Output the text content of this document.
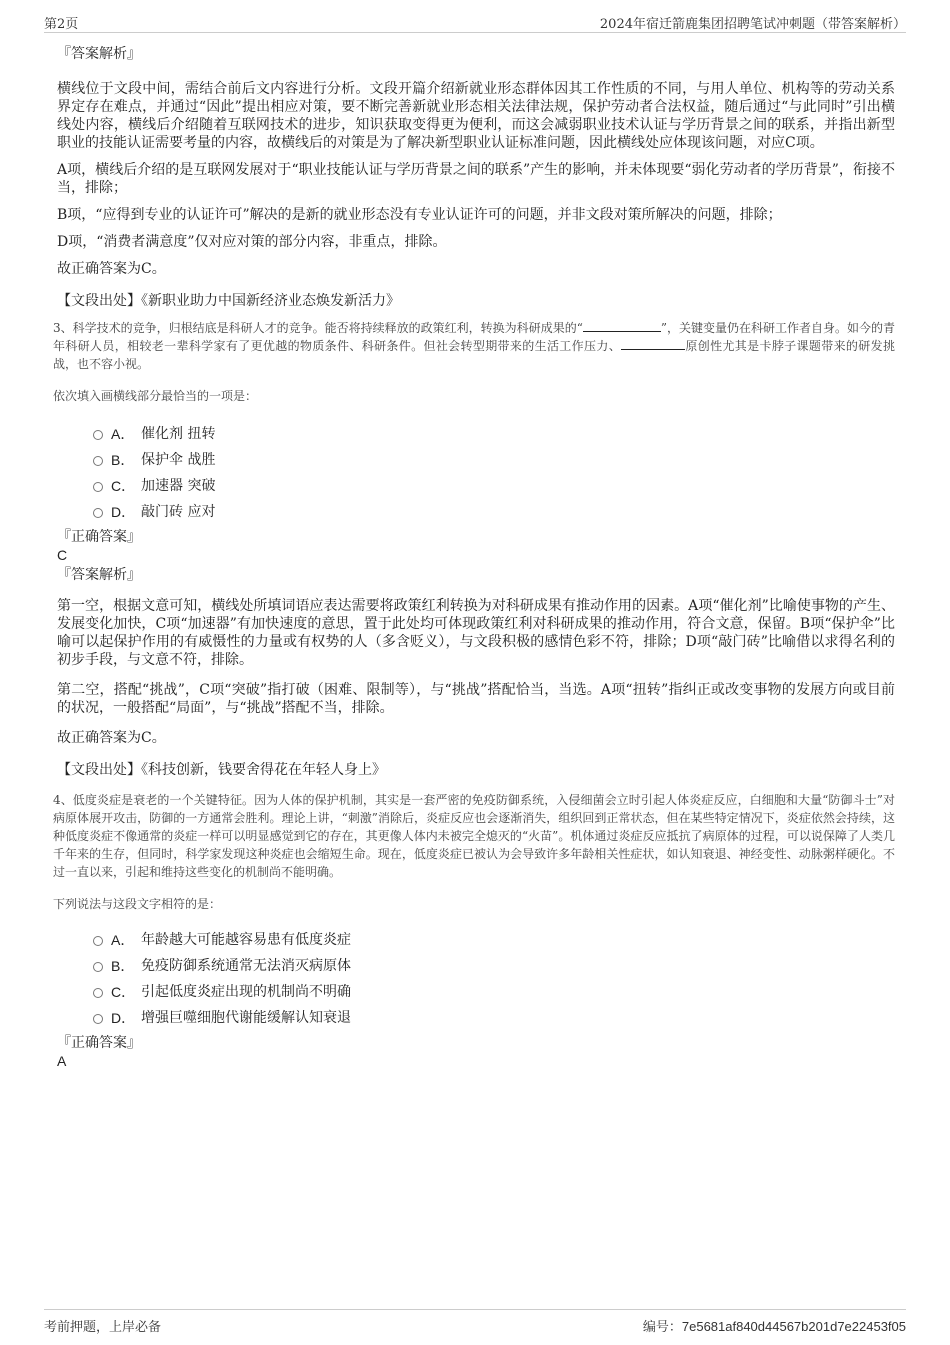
第2页	2024年宿迁箭鹿集团招聘笔试冲刺题（带答案解析）

『答案解析』

横线位于文段中间，需结合前后文内容进行分析。文段开篇介绍新就业形态群体因其工作性质的不同，与用人单位、机构等的劳动关系界定存在难点，并通过“因此”提出相应对策，要不断完善新就业形态相关法律法规，保护劳动者合法权益，随后通过“与此同时”引出横线处内容，横线后介绍随着互联网技术的进步，知识获取变得更为便利，而这会减弱职业技术认证与学历背景之间的联系，并指出新型职业的技能认证需要考量的内容，故横线后的对策是为了解决新型职业认证标准问题，因此横线处应体现该问题，对应C项。

A项，横线后介绍的是互联网发展对于“职业技能认证与学历背景之间的联系”产生的影响，并未体现要“弱化劳动者的学历背景”，衔接不当，排除；

B项，“应得到专业的认证许可”解决的是新的就业形态没有专业认证许可的问题，并非文段对策所解决的问题，排除；

D项，“消费者满意度”仅对应对策的部分内容，非重点，排除。

故正确答案为C。

【文段出处】《新职业助力中国新经济业态焕发新活力》

3、科学技术的竞争，归根结底是科研人才的竞争。能否将持续释放的政策红利，转换为科研成果的“	”，关键变量仍在科研工作者自身。如今的青年科研人员，相较老一辈科学家有了更优越的物质条件、科研条件。但社会转型期带来的生活工作压力、	原创性尤其是卡脖子课题带来的研发挑战，也不容小视。

依次填入画横线部分最恰当的一项是：

A． 催化剂 扭转
B． 保护伞 战胜
C． 加速器 突破
D． 敲门砖 应对

『正确答案』

C

『答案解析』

第一空，根据文意可知，横线处所填词语应表达需要将政策红利转换为对科研成果有推动作用的因素。A项“催化剂”比喻使事物的产生、发展变化加快，C项“加速器”有加快速度的意思，置于此处均可体现政策红利对科研成果的推动作用，符合文意，保留。B项“保护伞”比喻可以起保护作用的有威慑性的力量或有权势的人（多含贬义），与文段积极的感情色彩不符，排除；D项“敲门砖”比喻借以求得名利的初步手段，与文意不符，排除。

第二空，搭配“挑战”，C项“突破”指打破（困难、限制等），与“挑战”搭配恰当，当选。A项“扭转”指纠正或改变事物的发展方向或目前的状况，一般搭配“局面”，与“挑战”搭配不当，排除。

故正确答案为C。

【文段出处】《科技创新，钱要舍得花在年轻人身上》

4、低度炎症是衰老的一个关键特征。因为人体的保护机制，其实是一套严密的免疫防御系统，入侵细菌会立时引起人体炎症反应，白细胞和大量“防御斗士”对病原体展开攻击，防御的一方通常会胜利。理论上讲，“刺激”消除后，炎症反应也会逐渐消失，组织回到正常状态，但在某些特定情况下，炎症依然会持续，这种低度炎症不像通常的炎症一样可以明显感觉到它的存在，其更像人体内未被完全熄灭的“火苗”。机体通过炎症反应抵抗了病原体的过程，可以说保障了人类几千年来的生存，但同时，科学家发现这种炎症也会缩短生命。现在，低度炎症已被认为会导致许多年龄相关性症状，如认知衰退、神经变性、动脉粥样硬化。不过一直以来，引起和维持这些变化的机制尚不能明确。

下列说法与这段文字相符的是：

A． 年龄越大可能越容易患有低度炎症
B． 免疫防御系统通常无法消灭病原体
C． 引起低度炎症出现的机制尚不明确
D． 增强巨噬细胞代谢能缓解认知衰退

『正确答案』

A

考前押题，上岸必备	编号：7e5681af840d44567b201d7e22453f05
